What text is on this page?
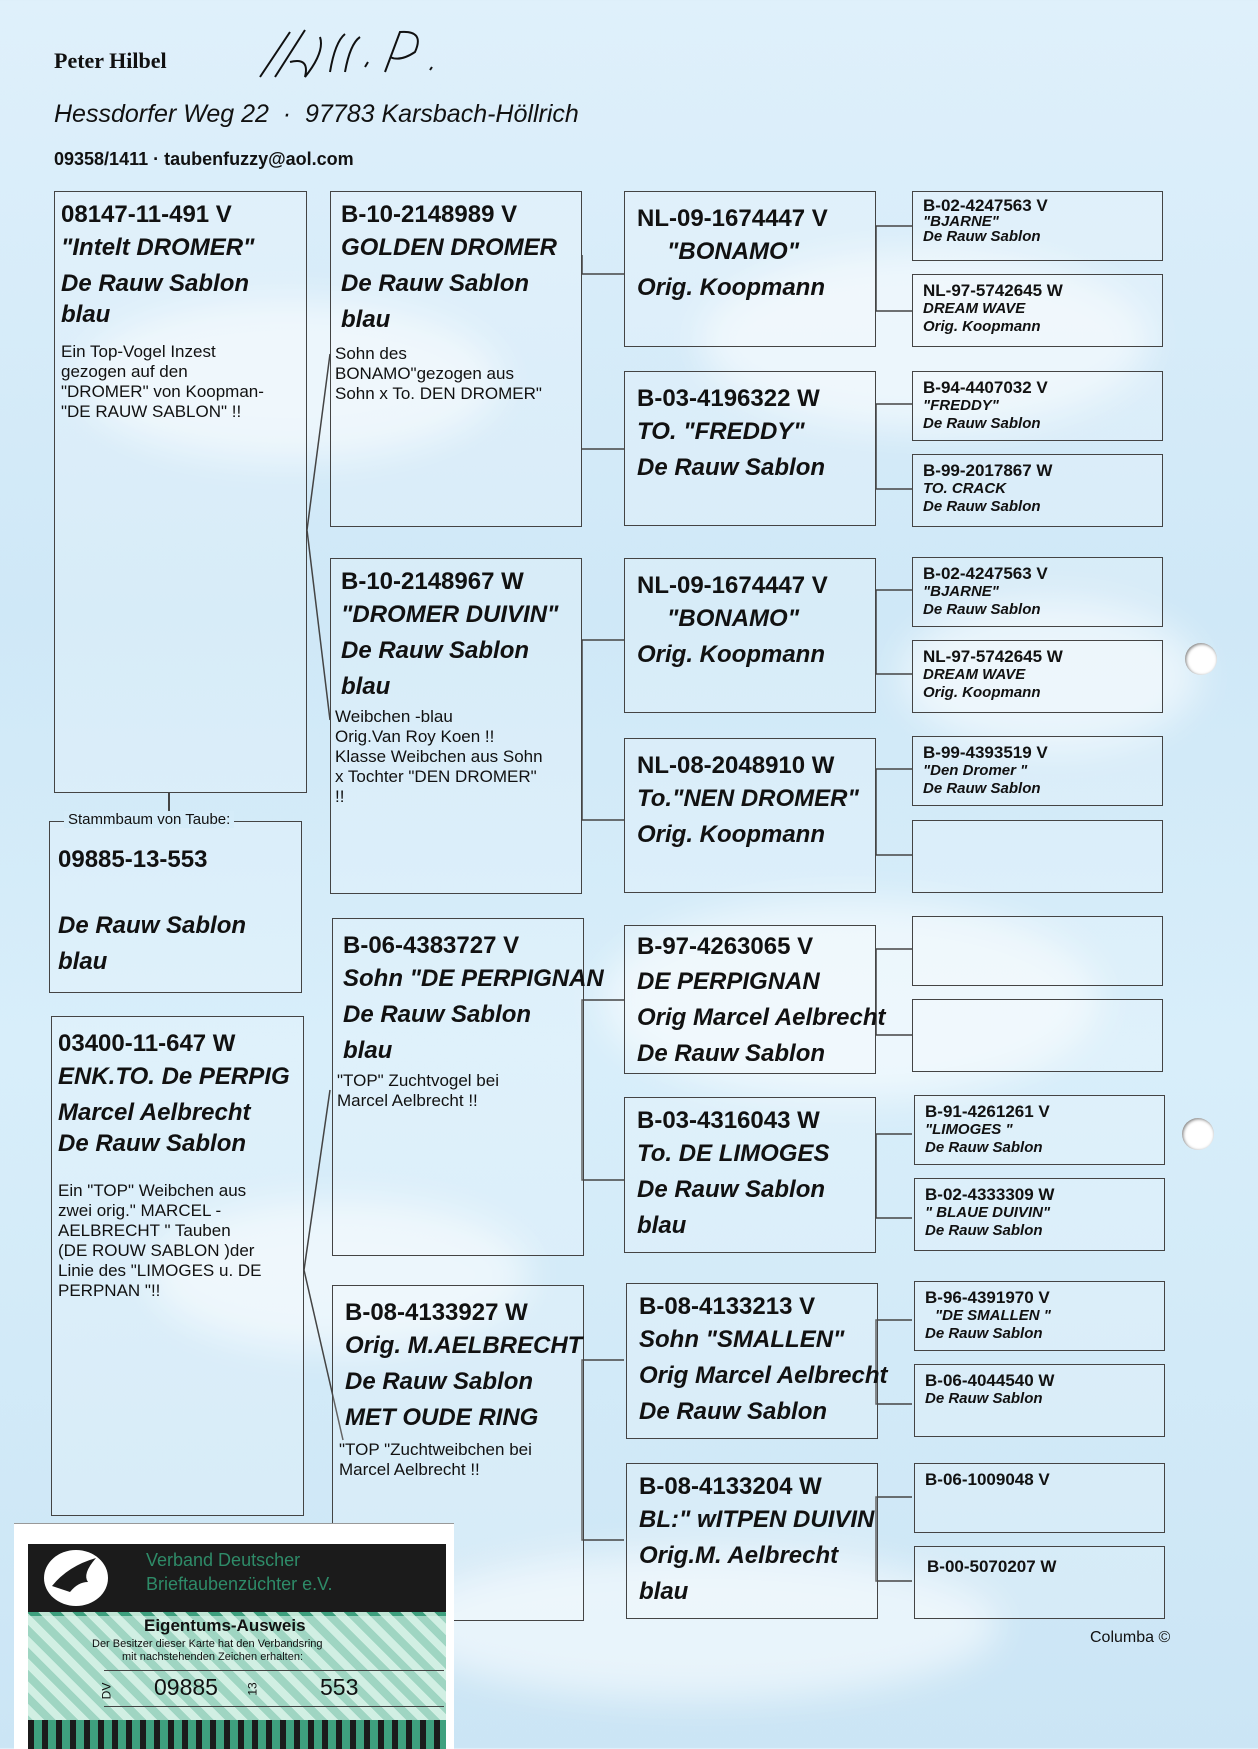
Peter Hilbel
Hessdorfer Weg 22  ·  97783 Karsbach-Höllrich
09358/1411 · taubenfuzzy@aol.com
08147-11-491 V
"Intelt DROMER"
De Rauw Sablon
blau
Ein Top-Vogel Inzest
gezogen auf den
"DROMER" von Koopman-
"DE RAUW SABLON" !!
Stammbaum von Taube:
09885-13-553
De Rauw Sablon
blau
03400-11-647 W
ENK.TO. De PERPIG
Marcel Aelbrecht
De Rauw Sablon
Ein "TOP" Weibchen aus
zwei orig." MARCEL -
AELBRECHT " Tauben
(DE ROUW SABLON )der
Linie des "LIMOGES u. DE
PERPNAN "!!
B-10-2148989 V
GOLDEN DROMER
De Rauw Sablon
blau
Sohn des
BONAMO"gezogen aus
Sohn x To. DEN DROMER"
B-10-2148967 W
"DROMER DUIVIN"
De Rauw Sablon
blau
Weibchen -blau
Orig.Van Roy Koen !!
Klasse Weibchen aus Sohn
x Tochter "DEN DROMER"
!!
B-06-4383727 V
Sohn "DE PERPIGNAN
De Rauw Sablon
blau
"TOP" Zuchtvogel bei
Marcel Aelbrecht !!
B-08-4133927 W
Orig. M.AELBRECHT
De Rauw Sablon
MET OUDE RING
"TOP "Zuchtweibchen bei
Marcel Aelbrecht !!
NL-09-1674447 V
"BONAMO"
Orig. Koopmann
B-03-4196322 W
TO. "FREDDY"
De Rauw Sablon
NL-09-1674447 V
"BONAMO"
Orig. Koopmann
NL-08-2048910 W
To."NEN DROMER"
Orig. Koopmann
B-97-4263065 V
DE PERPIGNAN
Orig Marcel Aelbrecht
De Rauw Sablon
B-03-4316043 W
To. DE LIMOGES
De Rauw Sablon
blau
B-08-4133213 V
Sohn "SMALLEN"
Orig Marcel Aelbrecht
De Rauw Sablon
B-08-4133204 W
BL:" wITPEN DUIVIN
Orig.M. Aelbrecht
blau
B-02-4247563 V
"BJARNE"
De Rauw Sablon
NL-97-5742645 W
DREAM WAVE
Orig. Koopmann
B-94-4407032 V
"FREDDY"
De Rauw Sablon
B-99-2017867 W
TO. CRACK
De Rauw Sablon
B-02-4247563 V
"BJARNE"
De Rauw Sablon
NL-97-5742645 W
DREAM WAVE
Orig. Koopmann
B-99-4393519 V
"Den Dromer "
De Rauw Sablon
B-91-4261261 V
"LIMOGES "
De Rauw Sablon
B-02-4333309 W
" BLAUE DUIVIN"
De Rauw Sablon
B-96-4391970 V
"DE SMALLEN "
De Rauw Sablon
B-06-4044540 W
De Rauw Sablon
B-06-1009048 V
B-00-5070207 W
Columba ©
Verband Deutscher
Brieftaubenzüchter e.V.
Eigentums-Ausweis
Der Besitzer dieser Karte hat den Verbandsring
mit nachstehenden Zeichen erhalten:
DV 09885 13	553
